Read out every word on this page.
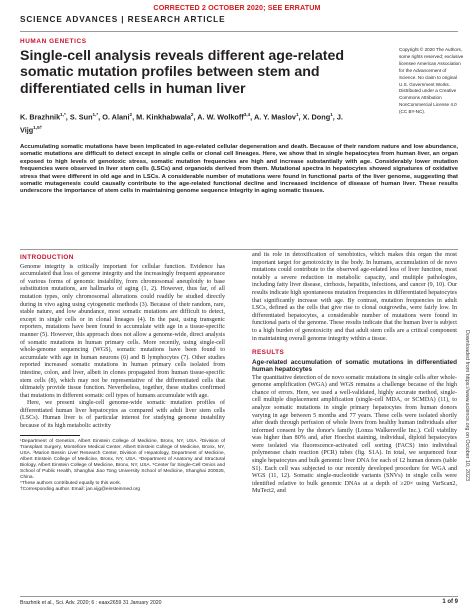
CORRECTED 2 OCTOBER 2020; SEE ERRATUM
SCIENCE ADVANCES | RESEARCH ARTICLE
HUMAN GENETICS
Single-cell analysis reveals different age-related somatic mutation profiles between stem and differentiated cells in human liver
K. Brazhnik$^{1,*}$, S. Sun$^{1,*}$, O. Alani$^2$, M. Kinkhabwala$^2$, A. W. Wolkoff$^{3,4}$, A. Y. Maslov$^1$, X. Dong$^1$, J. Vijg$^{1,5\dagger}$
Copyright © 2020 The Authors, some rights reserved; exclusive licensee American Association for the Advancement of Science. No claim to original U.S. Government Works. Distributed under a Creative Commons Attribution NonCommercial License 4.0 (CC BY-NC).

Accumulating somatic mutations have been implicated in age-related cellular degeneration and death. Because of their random nature and low abundance, somatic mutations are difficult to detect except in single cells or clonal cell lineages. Here, we show that in single hepatocytes from human liver, an organ exposed to high levels of genotoxic stress, somatic mutation frequencies are high and increase substantially with age. Considerably lower mutation frequencies were observed in liver stem cells (LSCs) and organoids derived from them. Mutational spectra in hepatocytes showed signatures of oxidative stress that were different in old age and in LSCs. A considerable number of mutations were found in functional parts of the liver genome, suggesting that somatic mutagenesis could causally contribute to the age-related functional decline and increased incidence of disease of human liver. These results underscore the importance of stem cells in maintaining genome sequence integrity in aging somatic tissues.

INTRODUCTION

Genome integrity is critically important for cellular function. Evidence has accumulated that loss of genome integrity and the increasingly frequent appearance of various forms of genomic instability, from chromosomal aneuploidy to base substitution mutations, are hallmarks of aging (1, 2). However, thus far, of all mutation types, only chromosomal alterations could readily be studied directly during in vivo aging using cytogenetic methods (3). Because of their random, rare, stable nature, and low abundance, most somatic mutations are difficult to detect, except in single cells or in clonal lineages (4). In the past, using transgenic reporters, mutations have been found to accumulate with age in a tissue-specific manner (5). However, this approach does not allow a genome-wide, direct analysis of somatic mutations in human primary cells. More recently, using single-cell whole-genome sequencing (WGS), somatic mutations have been found to accumulate with age in human neurons (6) and B lymphocytes (7). Other studies reported increased somatic mutations in human primary cells isolated from intestine, colon, and liver, albeit in clones propagated from human tissue-specific stem cells (8), which may not be representative of the differentiated cells that ultimately provide tissue function. Nevertheless, together, these studies confirmed that mutations in different somatic cell types of humans accumulate with age.

Here, we present single-cell genome-wide somatic mutation profiles of differentiated human liver hepatocytes as compared with adult liver stem cells (LSCs). Human liver is of particular interest for studying genome instability because of its high metabolic activity

¹Department of Genetics, Albert Einstein College of Medicine, Bronx, NY, USA. ²Division of Transplant Surgery, Montefiore Medical Center, Albert Einstein College of Medicine, Bronx, NY, USA. ³Marion Bessin Liver Research Center, Division of Hepatology, Department of Medicine, Albert Einstein College of Medicine, Bronx, NY, USA. ⁴Department of Anatomy and Structural Biology, Albert Einstein College of Medicine, Bronx, NY, USA. ⁵Center for Single-Cell Omics and School of Public Health, Shanghai Jiao Tong University School of Medicine, Shanghai 200025, China.

*These authors contributed equally to this work.

†Corresponding author. Email: jan.vijg@einsteinmed.org

and its role in detoxification of xenobiotics, which makes this organ the most important target for genotoxicity in the body. In humans, accumulation of de novo mutations could contribute to the observed age-related loss of liver function, most notably a severe reduction in metabolic capacity, and multiple pathologies, including fatty liver disease, cirrhosis, hepatitis, infections, and cancer (9, 10). Our results indicate high spontaneous mutation frequencies in differentiated hepatocytes that significantly increase with age. By contrast, mutation frequencies in adult LSCs, defined as the cells that give rise to clonal outgrowths, were fairly low. In differentiated hepatocytes, a considerable number of mutations were found in functional parts of the genome. These results indicate that the human liver is subject to a high burden of genotoxicity and that adult stem cells are a critical component in maintaining overall genome integrity within a tissue.

RESULTS
Age-related accumulation of somatic mutations in differentiated human hepatocytes

The quantitative detection of de novo somatic mutations in single cells after whole-genome amplification (WGA) and WGS remains a challenge because of the high chance of errors. Here, we used a well-validated, highly accurate method, single-cell multiple displacement amplification (single-cell MDA, or SCMDA) (11), to analyze somatic mutations in single primary hepatocytes from human donors varying in age between 5 months and 77 years. These cells were isolated shortly after death through perfusion of whole livers from healthy human individuals after informed consent by the donor's family (Lonza Walkersville Inc.). Cell viability was higher than 80% and, after Hoechst staining, individual, diploid hepatocytes were isolated via fluorescence-activated cell sorting (FACS) into individual polymerase chain reaction (PCR) tubes (fig. S1A). In total, we sequenced four single hepatocytes and bulk genomic liver DNA for each of 12 human donors (table S1). Each cell was subjected to our recently developed procedure for WGA and WGS (11, 12). Somatic single-nucleotide variants (SNVs) in single cells were identified relative to bulk genomic DNAs at a depth of ≥20× using VarScan2, MuTect2, and

Downloaded from https://www.science.org on October 10, 2023
Brazhnik et al., Sci. Adv. 2020; 6 : eaax2659 31 January 2020	1 of 9
